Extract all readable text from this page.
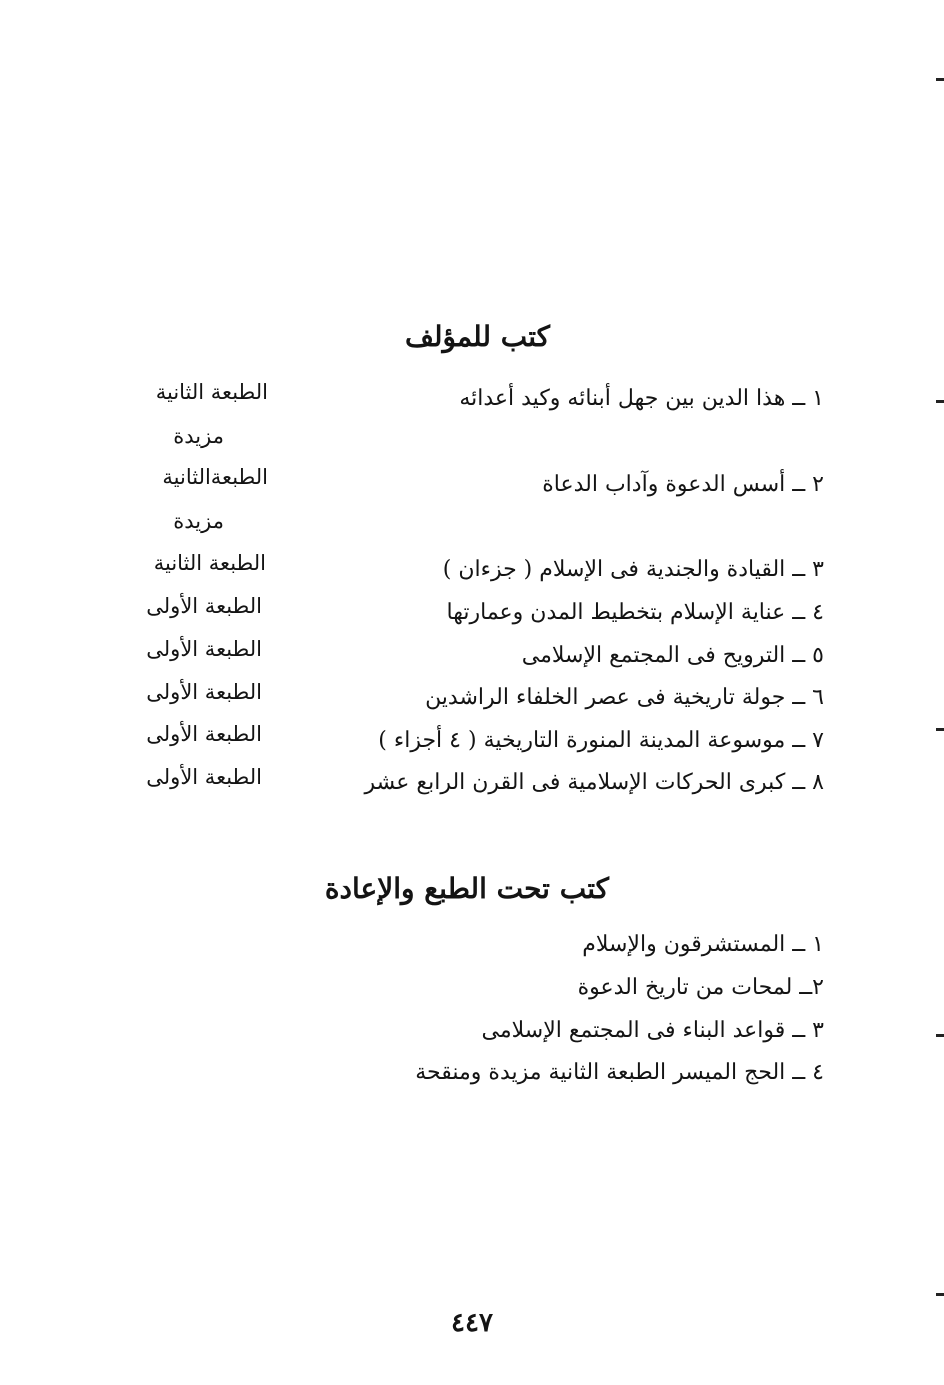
كتب للمؤلف
١ ــ هذا الدين بين جهل أبنائه وكيد أعدائه
٢ ــ أسس الدعوة وآداب الدعاة
٣ ــ القيادة والجندية فى الإسلام ( جزءان )
٤ ــ عناية الإسلام بتخطيط المدن وعمارتها
٥ ــ الترويح فى المجتمع الإسلامى
٦ ــ جولة تاريخية فى عصر الخلفاء الراشدين
٧ ــ موسوعة المدينة المنورة التاريخية ( ٤ أجزاء )
٨ ــ كبرى الحركات الإسلامية فى القرن الرابع عشر
الطبعة الثانية
مزيدة
الطبعةالثانية
مزيدة
الطبعة الثانية
الطبعة الأولى
الطبعة الأولى
الطبعة الأولى
الطبعة الأولى
الطبعة الأولى
كتب تحت الطبع والإعادة
١ ــ المستشرقون والإسلام
٢ــ لمحات من تاريخ الدعوة
٣ ــ قواعد البناء فى المجتمع الإسلامى
٤ ــ الحج الميسر الطبعة الثانية مزيدة ومنقحة
٤٤٧
